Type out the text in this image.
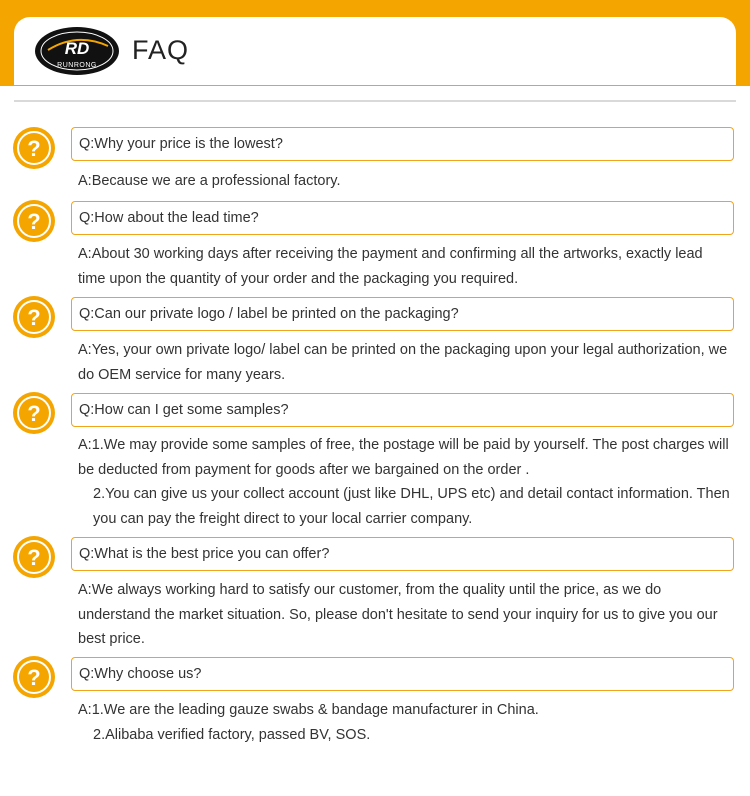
RD
RUNRONG
FAQ
?	Q:Why your price is the lowest?

A:Because we are a professional factory.

?	Q:How about the lead time?

A:About 30 working days after receiving the payment and confirming all the artworks, exactly lead time upon the quantity of your order and the packaging you required.

?	Q:Can our private logo / label be printed on the packaging?

A:Yes, your own private logo/ label can be printed on the packaging upon your legal authorization, we do OEM service for many years.

?	Q:How can I get some samples?

A:1.We may provide some samples of free, the postage will be paid by yourself. The post charges will be deducted from payment for goods after we bargained on the order .

2.You can give us your collect account (just like DHL, UPS etc) and detail contact information. Then you can pay the freight direct to your local carrier company.

?	Q:What is the best price you can offer?

A:We always working hard to satisfy our customer, from the quality until the price, as we do understand the market situation. So, please don't hesitate to send your inquiry for us to give you our best price.

?	Q:Why choose us?

A:1.We are the leading gauze swabs & bandage manufacturer in China.

2.Alibaba verified factory, passed BV, SOS.
